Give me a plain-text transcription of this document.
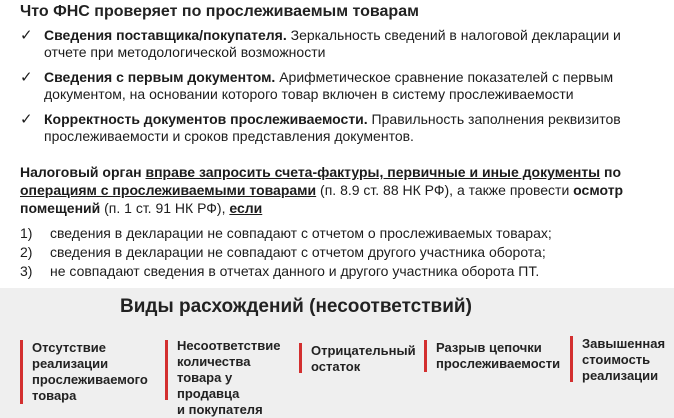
Что ФНС проверяет по прослеживаемым товарам
✓ Сведения поставщика/покупателя. Зеркальность сведений в налоговой декларации и
отчете при методологической возможности
✓ Сведения с первым документом. Арифметическое сравнение показателей с первым
документом, на основании которого товар включен в систему прослеживаемости
✓ Корректность документов прослеживаемости. Правильность заполнения реквизитов
прослеживаемости и сроков представления документов.
Налоговый орган вправе запросить счета-фактуры, первичные и иные документы по
операциям с прослеживаемыми товарами (п. 8.9 ст. 88 НК РФ), а также провести осмотр
помещений (п. 1 ст. 91 НК РФ), если
1) сведения в декларации не совпадают с отчетом о прослеживаемых товарах;
2) сведения в декларации не совпадают с отчетом другого участника оборота;
3) не совпадают сведения в отчетах данного и другого участника оборота ПТ.
Виды расхождений (несоответствий)
Отсутствие
реализации
прослеживаемого
товара
Несоответствие
количества
товара у
продавца
и покупателя
Отрицательный
остаток
Разрыв цепочки
прослеживаемости
Завышенная
стоимость
реализации
